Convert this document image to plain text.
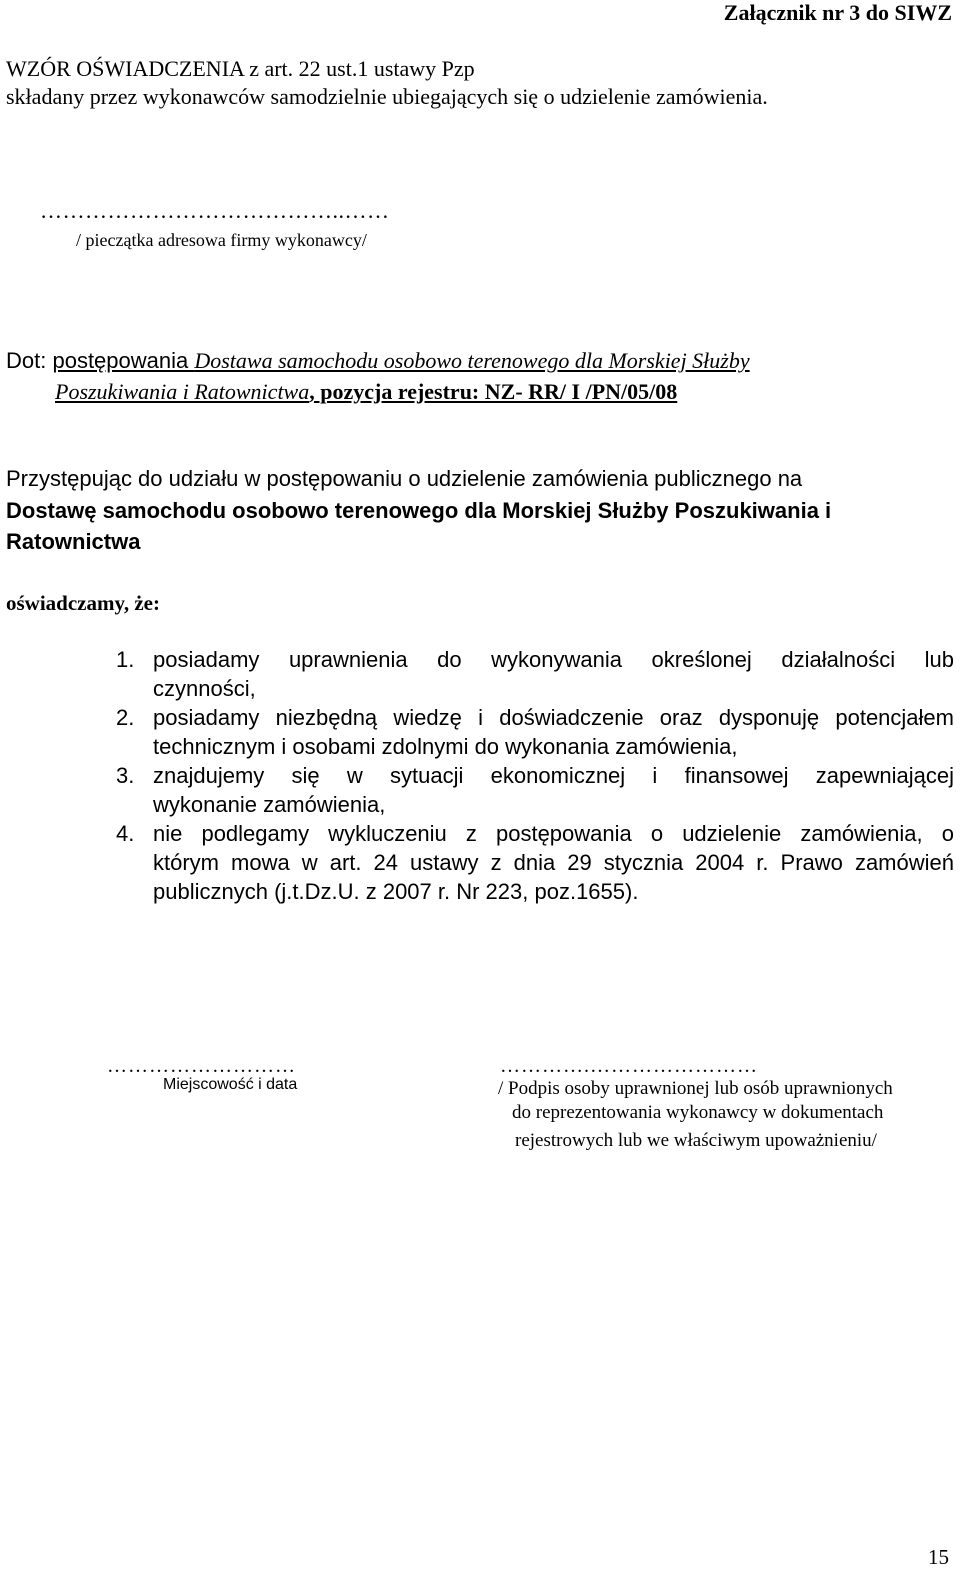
Załącznik nr 3 do SIWZ
WZÓR OŚWIADCZENIA z art. 22 ust.1 ustawy Pzp
składany przez wykonawców samodzielnie ubiegających się o udzielenie zamówienia.
…………………………………..……
/ pieczątka adresowa firmy wykonawcy/
Dot: postępowania Dostawa samochodu osobowo terenowego dla Morskiej Służby
Poszukiwania i Ratownictwa, pozycja rejestru: NZ- RR/ I /PN/05/08
Przystępując do udziału w postępowaniu o udzielenie zamówienia publicznego na
Dostawę samochodu osobowo terenowego dla Morskiej Służby Poszukiwania i
Ratownictwa
oświadczamy, że:
1. posiadamy uprawnienia do wykonywania określonej działalności lub
czynności,
2. posiadamy niezbędną wiedzę i doświadczenie oraz dysponuję potencjałem
technicznym i osobami zdolnymi do wykonania zamówienia,
3. znajdujemy się w sytuacji ekonomicznej i finansowej zapewniającej
wykonanie zamówienia,
4. nie podlegamy wykluczeniu z postępowania o udzielenie zamówienia, o
którym mowa w art. 24 ustawy z dnia 29 stycznia 2004 r. Prawo zamówień
publicznych (j.t.Dz.U. z 2007 r. Nr 223, poz.1655).
………………………
Miejscowość i data
………….……………………
/ Podpis osoby uprawnionej lub osób uprawnionych
do reprezentowania wykonawcy w dokumentach
rejestrowych lub we właściwym upoważnieniu/
15
